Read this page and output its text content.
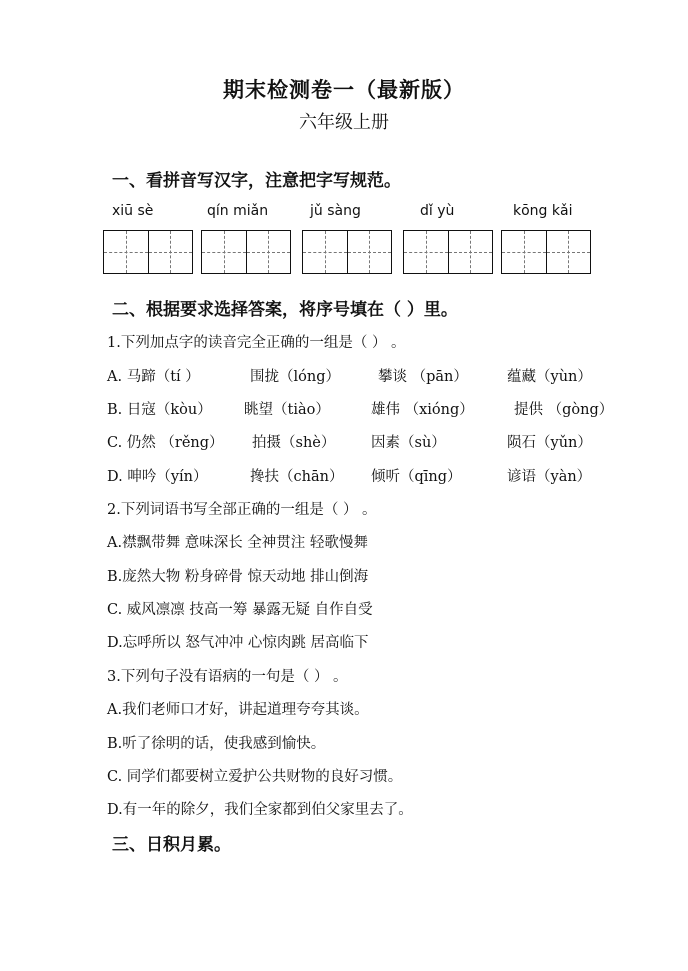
期末检测卷一（最新版）
六年级上册
一、看拼音写汉字，注意把字写规范。
xiū sè	qín miǎn	jǔ sàng	dǐ yù	kōng kǎi
二、根据要求选择答案，将序号填在（ ）里。
1.下列加点字的读音完全正确的一组是（ ） 。
A. 马蹄（tí ）	围拢（lóng）	攀谈 （pān）	蕴藏（yùn）
B. 日寇（kòu） 眺望（tiào）	雄伟 （xióng）	提供 （gòng）
C. 仍然 （rěng） 拍摄（shè） 因素（sù）	陨石（yǔn）
D. 呻吟（yín）	搀扶（chān） 倾听（qīng）	谚语（yàn）
2.下列词语书写全部正确的一组是（ ） 。
A.襟飘带舞 意味深长 全神贯注 轻歌慢舞
B.庞然大物 粉身碎骨 惊天动地 排山倒海
C. 威风凛凛 技高一筹 暴露无疑 自作自受
D.忘呼所以 怒气冲冲 心惊肉跳 居高临下
3.下列句子没有语病的一句是（ ） 。
A.我们老师口才好，讲起道理夸夸其谈。
B.听了徐明的话，使我感到愉快。
C. 同学们都要树立爱护公共财物的良好习惯。
D.有一年的除夕，我们全家都到伯父家里去了。
三、日积月累。
